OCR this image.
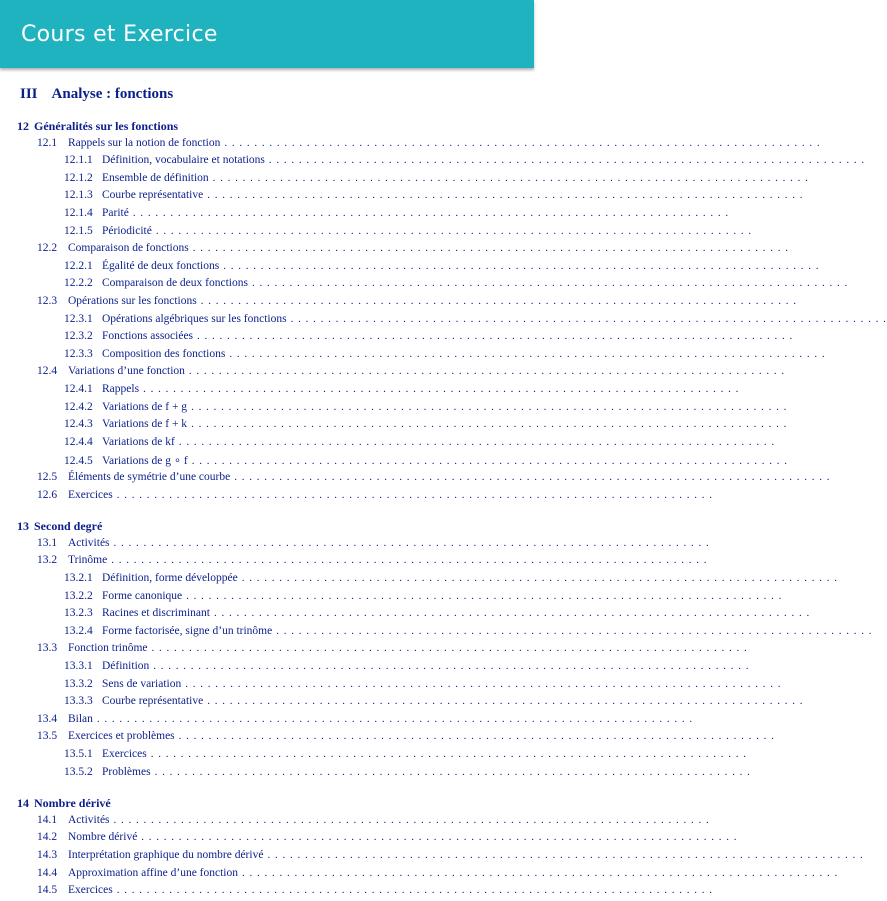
Cours et Exercice
III Analyse : fonctions
12 Généralités sur les fonctions
12.1 Rappels sur la notion de fonction . . . . . . . . . . . . . . . . . . . . . . . . . . . . . . . . . . . . . . . . . . . . . . . . . . . . . . . . . . . . . . . . . . . . . . . . . . . . . . . .
12.1.1 Définition, vocabulaire et notations . . . . . . . . . . . . . . . . . . . . . . . . . . . . . . . . . . . . . . . . . . . . . . . . . . . . . . . . . . . . . . . . . . . . . . . . . . . . . . . .
12.1.2 Ensemble de définition . . . . . . . . . . . . . . . . . . . . . . . . . . . . . . . . . . . . . . . . . . . . . . . . . . . . . . . . . . . . . . . . . . . . . . . . . . . . . . . .
12.1.3 Courbe représentative . . . . . . . . . . . . . . . . . . . . . . . . . . . . . . . . . . . . . . . . . . . . . . . . . . . . . . . . . . . . . . . . . . . . . . . . . . . . . . . .
12.1.4 Parité . . . . . . . . . . . . . . . . . . . . . . . . . . . . . . . . . . . . . . . . . . . . . . . . . . . . . . . . . . . . . . . . . . . . . . . . . . . . . . . .
12.1.5 Périodicité . . . . . . . . . . . . . . . . . . . . . . . . . . . . . . . . . . . . . . . . . . . . . . . . . . . . . . . . . . . . . . . . . . . . . . . . . . . . . . . .
12.2 Comparaison de fonctions . . . . . . . . . . . . . . . . . . . . . . . . . . . . . . . . . . . . . . . . . . . . . . . . . . . . . . . . . . . . . . . . . . . . . . . . . . . . . . . .
12.2.1 Égalité de deux fonctions . . . . . . . . . . . . . . . . . . . . . . . . . . . . . . . . . . . . . . . . . . . . . . . . . . . . . . . . . . . . . . . . . . . . . . . . . . . . . . . .
12.2.2 Comparaison de deux fonctions . . . . . . . . . . . . . . . . . . . . . . . . . . . . . . . . . . . . . . . . . . . . . . . . . . . . . . . . . . . . . . . . . . . . . . . . . . . . . . . .
12.3 Opérations sur les fonctions . . . . . . . . . . . . . . . . . . . . . . . . . . . . . . . . . . . . . . . . . . . . . . . . . . . . . . . . . . . . . . . . . . . . . . . . . . . . . . . .
12.3.1 Opérations algébriques sur les fonctions . . . . . . . . . . . . . . . . . . . . . . . . . . . . . . . . . . . . . . . . . . . . . . . . . . . . . . . . . . . . . . . . . . . . . . . . . . . . . . . .
12.3.2 Fonctions associées . . . . . . . . . . . . . . . . . . . . . . . . . . . . . . . . . . . . . . . . . . . . . . . . . . . . . . . . . . . . . . . . . . . . . . . . . . . . . . . .
12.3.3 Composition des fonctions . . . . . . . . . . . . . . . . . . . . . . . . . . . . . . . . . . . . . . . . . . . . . . . . . . . . . . . . . . . . . . . . . . . . . . . . . . . . . . . .
12.4 Variations d’une fonction . . . . . . . . . . . . . . . . . . . . . . . . . . . . . . . . . . . . . . . . . . . . . . . . . . . . . . . . . . . . . . . . . . . . . . . . . . . . . . . .
12.4.1 Rappels . . . . . . . . . . . . . . . . . . . . . . . . . . . . . . . . . . . . . . . . . . . . . . . . . . . . . . . . . . . . . . . . . . . . . . . . . . . . . . . .
12.4.2 Variations de f + g . . . . . . . . . . . . . . . . . . . . . . . . . . . . . . . . . . . . . . . . . . . . . . . . . . . . . . . . . . . . . . . . . . . . . . . . . . . . . . . .
12.4.3 Variations de f + k . . . . . . . . . . . . . . . . . . . . . . . . . . . . . . . . . . . . . . . . . . . . . . . . . . . . . . . . . . . . . . . . . . . . . . . . . . . . . . . .
12.4.4 Variations de kf . . . . . . . . . . . . . . . . . . . . . . . . . . . . . . . . . . . . . . . . . . . . . . . . . . . . . . . . . . . . . . . . . . . . . . . . . . . . . . . .
12.4.5 Variations de g ∘ f . . . . . . . . . . . . . . . . . . . . . . . . . . . . . . . . . . . . . . . . . . . . . . . . . . . . . . . . . . . . . . . . . . . . . . . . . . . . . . . .
12.5 Éléments de symétrie d’une courbe . . . . . . . . . . . . . . . . . . . . . . . . . . . . . . . . . . . . . . . . . . . . . . . . . . . . . . . . . . . . . . . . . . . . . . . . . . . . . . . .
12.6 Exercices . . . . . . . . . . . . . . . . . . . . . . . . . . . . . . . . . . . . . . . . . . . . . . . . . . . . . . . . . . . . . . . . . . . . . . . . . . . . . . . .
13 Second degré
13.1 Activités . . . . . . . . . . . . . . . . . . . . . . . . . . . . . . . . . . . . . . . . . . . . . . . . . . . . . . . . . . . . . . . . . . . . . . . . . . . . . . . .
13.2 Trinôme . . . . . . . . . . . . . . . . . . . . . . . . . . . . . . . . . . . . . . . . . . . . . . . . . . . . . . . . . . . . . . . . . . . . . . . . . . . . . . . .
13.2.1 Définition, forme développée . . . . . . . . . . . . . . . . . . . . . . . . . . . . . . . . . . . . . . . . . . . . . . . . . . . . . . . . . . . . . . . . . . . . . . . . . . . . . . . .
13.2.2 Forme canonique . . . . . . . . . . . . . . . . . . . . . . . . . . . . . . . . . . . . . . . . . . . . . . . . . . . . . . . . . . . . . . . . . . . . . . . . . . . . . . . .
13.2.3 Racines et discriminant . . . . . . . . . . . . . . . . . . . . . . . . . . . . . . . . . . . . . . . . . . . . . . . . . . . . . . . . . . . . . . . . . . . . . . . . . . . . . . . .
13.2.4 Forme factorisée, signe d’un trinôme . . . . . . . . . . . . . . . . . . . . . . . . . . . . . . . . . . . . . . . . . . . . . . . . . . . . . . . . . . . . . . . . . . . . . . . . . . . . . . . .
13.3 Fonction trinôme . . . . . . . . . . . . . . . . . . . . . . . . . . . . . . . . . . . . . . . . . . . . . . . . . . . . . . . . . . . . . . . . . . . . . . . . . . . . . . . .
13.3.1 Définition . . . . . . . . . . . . . . . . . . . . . . . . . . . . . . . . . . . . . . . . . . . . . . . . . . . . . . . . . . . . . . . . . . . . . . . . . . . . . . . .
13.3.2 Sens de variation . . . . . . . . . . . . . . . . . . . . . . . . . . . . . . . . . . . . . . . . . . . . . . . . . . . . . . . . . . . . . . . . . . . . . . . . . . . . . . . .
13.3.3 Courbe représentative . . . . . . . . . . . . . . . . . . . . . . . . . . . . . . . . . . . . . . . . . . . . . . . . . . . . . . . . . . . . . . . . . . . . . . . . . . . . . . . .
13.4 Bilan . . . . . . . . . . . . . . . . . . . . . . . . . . . . . . . . . . . . . . . . . . . . . . . . . . . . . . . . . . . . . . . . . . . . . . . . . . . . . . . .
13.5 Exercices et problèmes . . . . . . . . . . . . . . . . . . . . . . . . . . . . . . . . . . . . . . . . . . . . . . . . . . . . . . . . . . . . . . . . . . . . . . . . . . . . . . . .
13.5.1 Exercices . . . . . . . . . . . . . . . . . . . . . . . . . . . . . . . . . . . . . . . . . . . . . . . . . . . . . . . . . . . . . . . . . . . . . . . . . . . . . . . .
13.5.2 Problèmes . . . . . . . . . . . . . . . . . . . . . . . . . . . . . . . . . . . . . . . . . . . . . . . . . . . . . . . . . . . . . . . . . . . . . . . . . . . . . . . .
14 Nombre dérivé
14.1 Activités . . . . . . . . . . . . . . . . . . . . . . . . . . . . . . . . . . . . . . . . . . . . . . . . . . . . . . . . . . . . . . . . . . . . . . . . . . . . . . . .
14.2 Nombre dérivé . . . . . . . . . . . . . . . . . . . . . . . . . . . . . . . . . . . . . . . . . . . . . . . . . . . . . . . . . . . . . . . . . . . . . . . . . . . . . . . .
14.3 Interprétation graphique du nombre dérivé . . . . . . . . . . . . . . . . . . . . . . . . . . . . . . . . . . . . . . . . . . . . . . . . . . . . . . . . . . . . . . . . . . . . . . . . . . . . . . . .
14.4 Approximation affine d’une fonction . . . . . . . . . . . . . . . . . . . . . . . . . . . . . . . . . . . . . . . . . . . . . . . . . . . . . . . . . . . . . . . . . . . . . . . . . . . . . . . .
14.5 Exercices . . . . . . . . . . . . . . . . . . . . . . . . . . . . . . . . . . . . . . . . . . . . . . . . . . . . . . . . . . . . . . . . . . . . . . . . . . . . . . . .
